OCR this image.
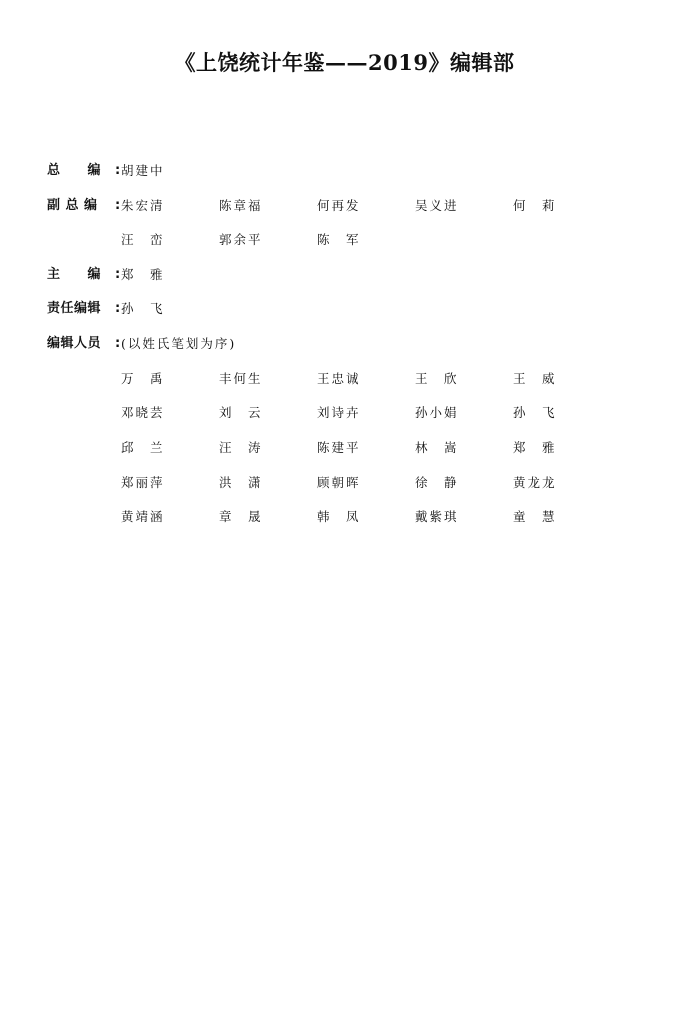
《上饶统计年鉴——2019》编辑部
总　　编 : 胡建中
副 总 编 : 朱宏清	陈章福	何再发	吴义进	何　莉
汪　峦	郭余平	陈　军
主　　编 : 郑　雅
责任编辑 : 孙　飞
编辑人员 : (以姓氏笔划为序)
万　禹	丰何生	王忠诚	王　欣	王　威
邓晓芸	刘　云	刘诗卉	孙小娟	孙　飞
邱　兰	汪　涛	陈建平	林　嵩	郑　雅
郑丽萍	洪　潇	顾朝晖	徐　静	黄龙龙
黄靖涵	章　晟	韩　凤	戴紫琪	童　慧
